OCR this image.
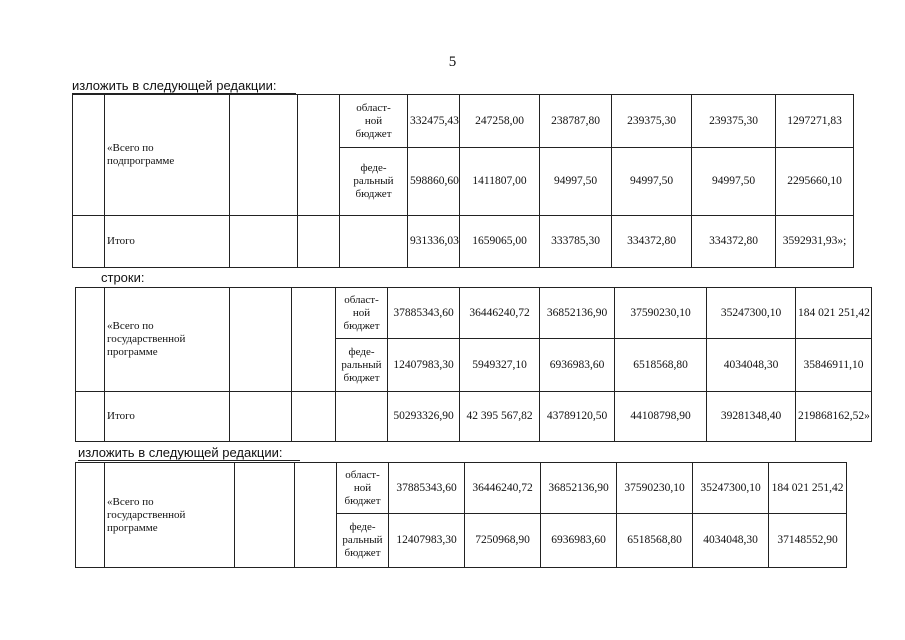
5
изложить в следующей редакции:

	«Всего по
подпрограмме			област-
ной
бюджет	332475,43	247258,00	238787,80	239375,30	239375,30	1297271,83

				феде-
ральный
бюджет	598860,60	1411807,00	94997,50	94997,50	94997,50	2295660,10
	Итого				931336,03	1659065,00	333785,30	334372,80	334372,80	3592931,93»;
строки:

	«Всего по
государственной
программе			област-
ной
бюджет	37885343,60	36446240,72	36852136,90	37590230,10	35247300,10	184 021 251,42

				феде-
ральный
бюджет	12407983,30	5949327,10	6936983,60	6518568,80	4034048,30	35846911,10
	Итого				50293326,90	42 395 567,82	43789120,50	44108798,90	39281348,40	219868162,52»
изложить в следующей редакции:

	«Всего по
государственной
программе			област-
ной
бюджет	37885343,60	36446240,72	36852136,90	37590230,10	35247300,10	184 021 251,42

				феде-
ральный
бюджет	12407983,30	7250968,90	6936983,60	6518568,80	4034048,30	37148552,90
